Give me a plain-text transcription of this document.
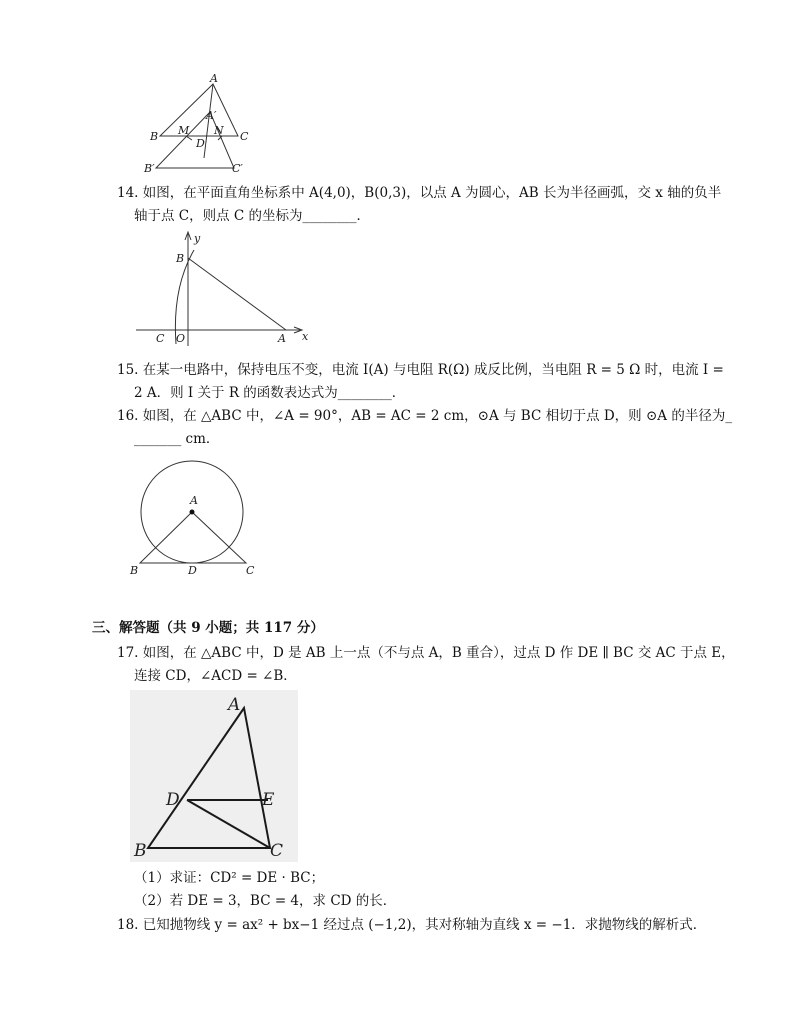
A
A′
B M N C
D
B′	C′
14. 如图，在平面直角坐标系中 A(4,0)，B(0,3)，以点 A 为圆心，AB 长为半径画弧，交 x 轴的负半
轴于点 C，则点 C 的坐标为________．
y
x
B
C O	A
15. 在某一电路中，保持电压不变，电流 I(A) 与电阻 R(Ω) 成反比例，当电阻 R = 5 Ω 时，电流 I =
2 A．则 I 关于 R 的函数表达式为________．
16. 如图，在 △ABC 中，∠A = 90°，AB = AC = 2 cm，⊙A 与 BC 相切于点 D，则 ⊙A 的半径为_
_______ cm．
A
B	D	C
三、解答题（共 9 小题；共 117 分）
17. 如图，在 △ABC 中，D 是 AB 上一点（不与点 A，B 重合），过点 D 作 DE ∥ BC 交 AC 于点 E，
连接 CD，∠ACD = ∠B．
A
D	E
B	C
（1）求证：CD² = DE · BC；
（2）若 DE = 3，BC = 4，求 CD 的长．
18. 已知抛物线 y = ax² + bx−1 经过点 (−1,2)，其对称轴为直线 x = −1．求抛物线的解析式．
